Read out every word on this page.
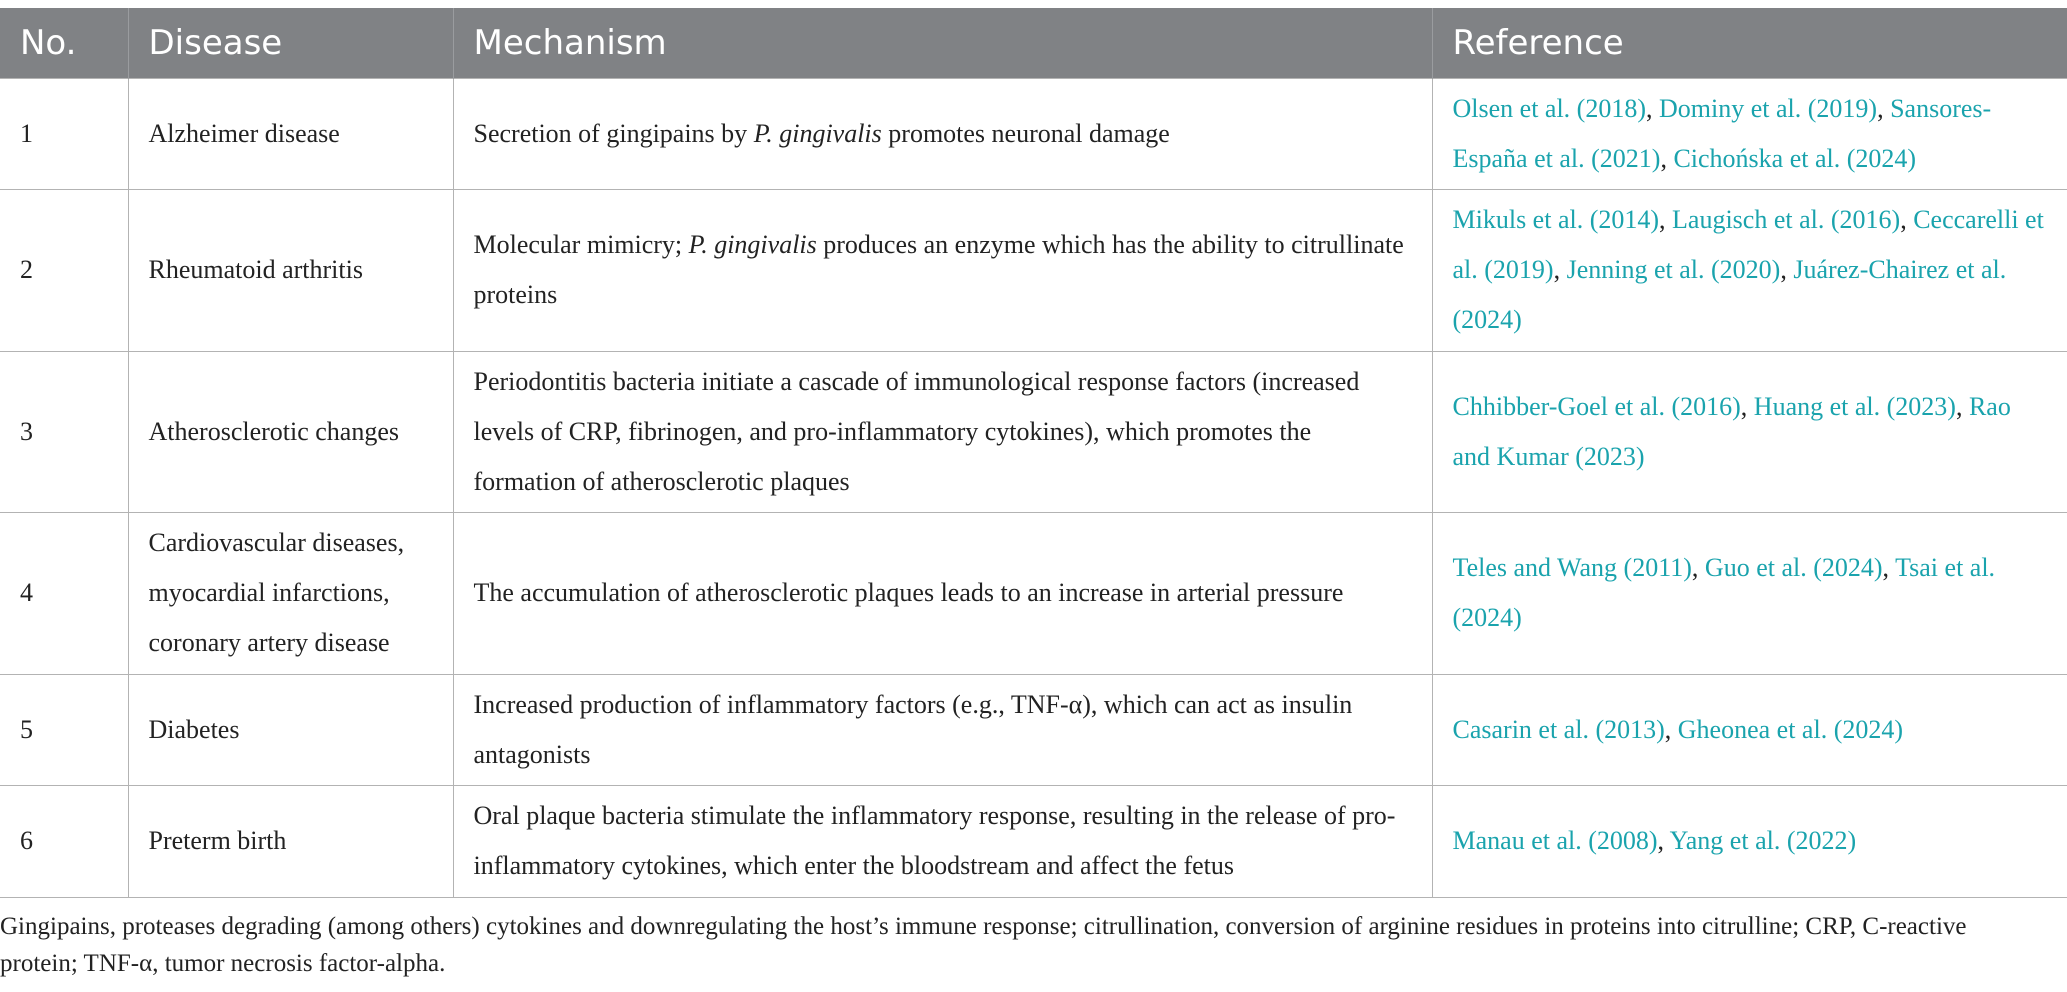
No.	Disease	Mechanism	Reference
1	Alzheimer disease	Secretion of gingipains by P. gingivalis promotes neuronal damage	Olsen et al. (2018), Dominy et al. (2019), Sansores-España et al. (2021), Cichońska et al. (2024)
2	Rheumatoid arthritis	Molecular mimicry; P. gingivalis produces an enzyme which has the ability to citrullinate proteins	Mikuls et al. (2014), Laugisch et al. (2016), Ceccarelli et al. (2019), Jenning et al. (2020), Juárez-Chairez et al. (2024)
3	Atherosclerotic changes	Periodontitis bacteria initiate a cascade of immunological response factors (increased levels of CRP, fibrinogen, and pro-inflammatory cytokines), which promotes the formation of atherosclerotic plaques	Chhibber-Goel et al. (2016), Huang et al. (2023), Rao and Kumar (2023)
4	Cardiovascular diseases, myocardial infarctions, coronary artery disease	The accumulation of atherosclerotic plaques leads to an increase in arterial pressure	Teles and Wang (2011), Guo et al. (2024), Tsai et al. (2024)
5	Diabetes	Increased production of inflammatory factors (e.g., TNF-α), which can act as insulin antagonists	Casarin et al. (2013), Gheonea et al. (2024)
6	Preterm birth	Oral plaque bacteria stimulate the inflammatory response, resulting in the release of pro-inflammatory cytokines, which enter the bloodstream and affect the fetus	Manau et al. (2008), Yang et al. (2022)
Gingipains, proteases degrading (among others) cytokines and downregulating the host’s immune response; citrullination, conversion of arginine residues in proteins into citrulline; CRP, C-reactive protein; TNF-α, tumor necrosis factor-alpha.
